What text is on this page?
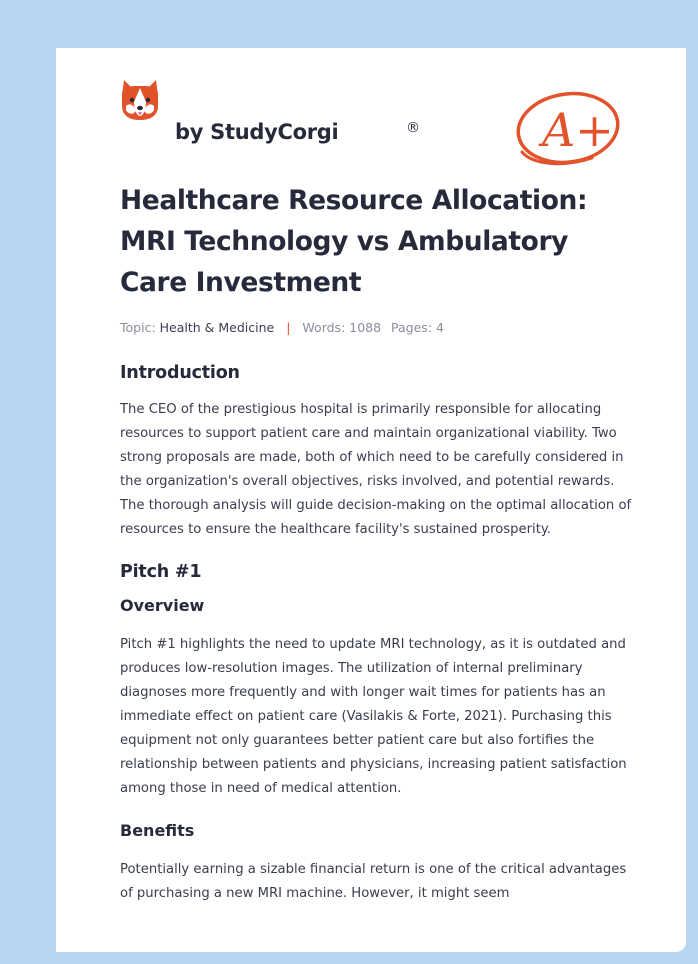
by StudyCorgi	®	A+
Healthcare Resource Allocation: MRI Technology vs Ambulatory Care Investment
Topic: Health & Medicine | Words: 1088 Pages: 4
Introduction

The CEO of the prestigious hospital is primarily responsible for allocating resources to support patient care and maintain organizational viability. Two strong proposals are made, both of which need to be carefully considered in the organization's overall objectives, risks involved, and potential rewards. The thorough analysis will guide decision-making on the optimal allocation of resources to ensure the healthcare facility's sustained prosperity.

Pitch #1
Overview

Pitch #1 highlights the need to update MRI technology, as it is outdated and produces low-resolution images. The utilization of internal preliminary diagnoses more frequently and with longer wait times for patients has an immediate effect on patient care (Vasilakis & Forte, 2021). Purchasing this equipment not only guarantees better patient care but also fortifies the relationship between patients and physicians, increasing patient satisfaction among those in need of medical attention.

Benefits

Potentially earning a sizable financial return is one of the critical advantages of purchasing a new MRI machine. However, it might seem
